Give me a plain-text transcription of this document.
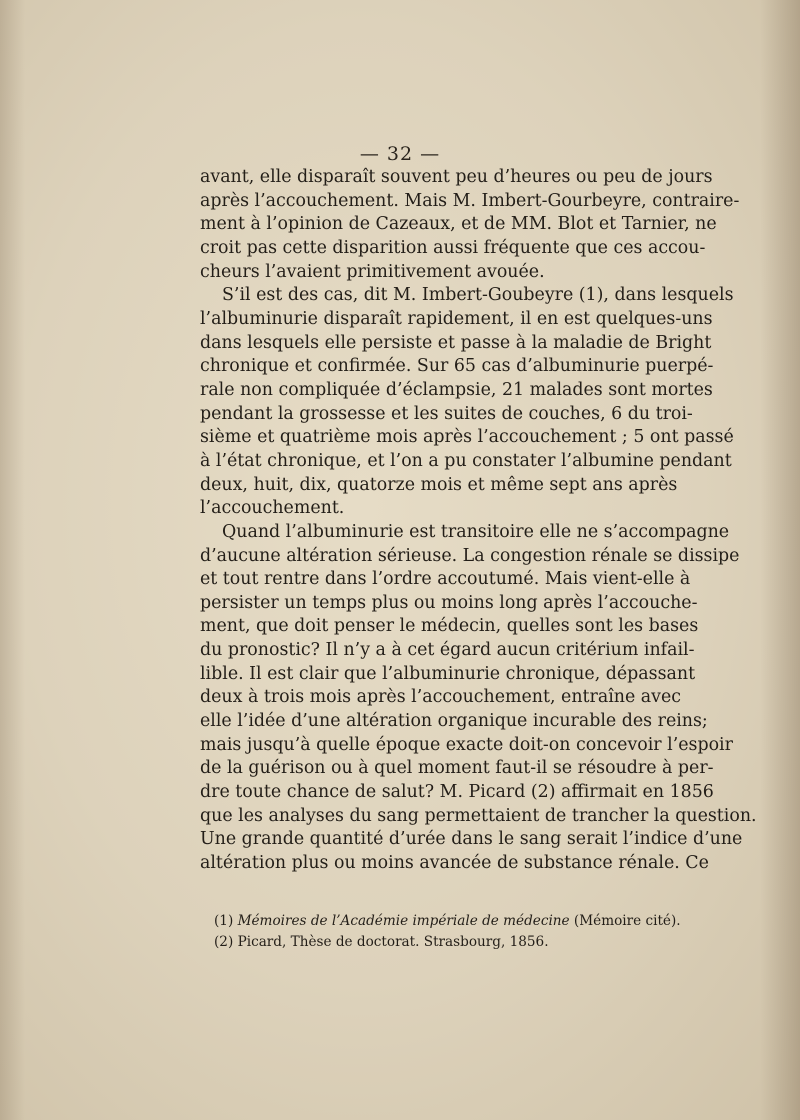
— 32 —
avant, elle disparaît souvent peu d’heures ou peu de jours
après l’accouchement. Mais M. Imbert-Gourbeyre, contraire-
ment à l’opinion de Cazeaux, et de MM. Blot et Tarnier, ne
croit pas cette disparition aussi fréquente que ces accou-
cheurs l’avaient primitivement avouée.
S’il est des cas, dit M. Imbert-Goubeyre (1), dans lesquels
l’albuminurie disparaît rapidement, il en est quelques-uns
dans lesquels elle persiste et passe à la maladie de Bright
chronique et confirmée. Sur 65 cas d’albuminurie puerpé-
rale non compliquée d’éclampsie, 21 malades sont mortes
pendant la grossesse et les suites de couches, 6 du troi-
sième et quatrième mois après l’accouchement ; 5 ont passé
à l’état chronique, et l’on a pu constater l’albumine pendant
deux, huit, dix, quatorze mois et même sept ans après
l’accouchement.
Quand l’albuminurie est transitoire elle ne s’accompagne
d’aucune altération sérieuse. La congestion rénale se dissipe
et tout rentre dans l’ordre accoutumé. Mais vient-elle à
persister un temps plus ou moins long après l’accouche-
ment, que doit penser le médecin, quelles sont les bases
du pronostic? Il n’y a à cet égard aucun critérium infail-
lible. Il est clair que l’albuminurie chronique, dépassant
deux à trois mois après l’accouchement, entraîne avec
elle l’idée d’une altération organique incurable des reins;
mais jusqu’à quelle époque exacte doit-on concevoir l’espoir
de la guérison ou à quel moment faut-il se résoudre à per-
dre toute chance de salut? M. Picard (2) affirmait en 1856
que les analyses du sang permettaient de trancher la question.
Une grande quantité d’urée dans le sang serait l’indice d’une
altération plus ou moins avancée de substance rénale. Ce
(1) Mémoires de l’Académie impériale de médecine (Mémoire cité).
(2) Picard, Thèse de doctorat. Strasbourg, 1856.
